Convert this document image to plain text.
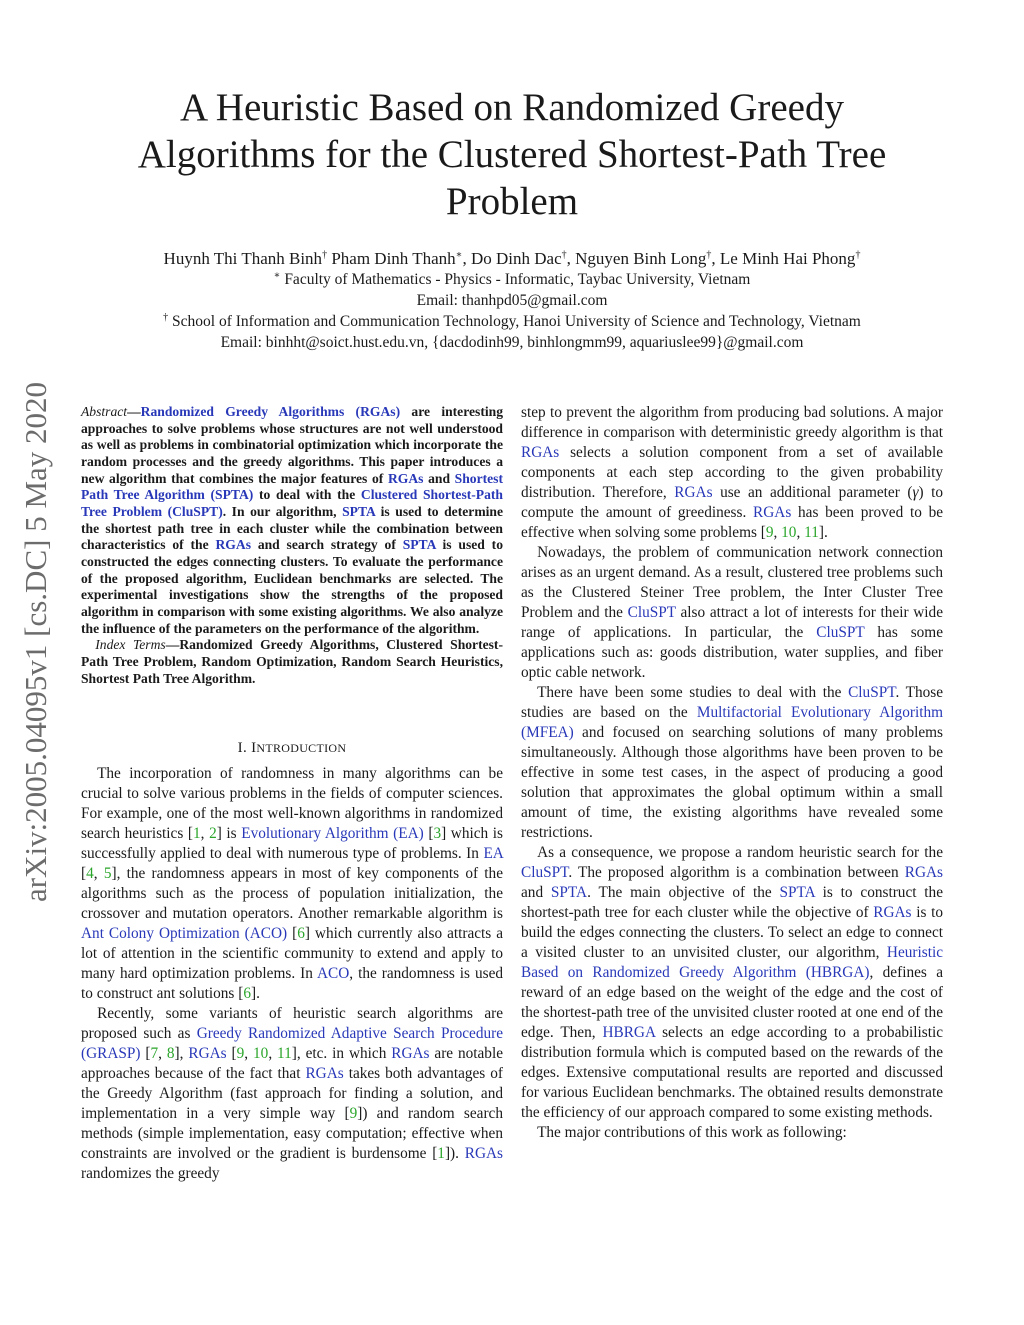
arXiv:2005.04095v1 [cs.DC] 5 May 2020
A Heuristic Based on Randomized Greedy
Algorithms for the Clustered Shortest-Path Tree
Problem
Huynh Thi Thanh Binh† Pham Dinh Thanh∗, Do Dinh Dac†, Nguyen Binh Long†, Le Minh Hai Phong†
∗ Faculty of Mathematics - Physics - Informatic, Taybac University, Vietnam
Email: thanhpd05@gmail.com
† School of Information and Communication Technology, Hanoi University of Science and Technology, Vietnam
Email: binhht@soict.hust.edu.vn, {dacdodinh99, binhlongmm99, aquariuslee99}@gmail.com

Abstract—Randomized Greedy Algorithms (RGAs) are interesting approaches to solve problems whose structures are not well understood as well as problems in combinatorial optimization which incorporate the random processes and the greedy algorithms. This paper introduces a new algorithm that combines the major features of RGAs and Shortest Path Tree Algorithm (SPTA) to deal with the Clustered Shortest-Path Tree Problem (CluSPT). In our algorithm, SPTA is used to determine the shortest path tree in each cluster while the combination between characteristics of the RGAs and search strategy of SPTA is used to constructed the edges connecting clusters. To evaluate the performance of the proposed algorithm, Euclidean benchmarks are selected. The experimental investigations show the strengths of the proposed algorithm in comparison with some existing algorithms. We also analyze the influence of the parameters on the performance of the algorithm.

Index Terms—Randomized Greedy Algorithms, Clustered Shortest-Path Tree Problem, Random Optimization, Random Search Heuristics, Shortest Path Tree Algorithm.

I. INTRODUCTION

The incorporation of randomness in many algorithms can be crucial to solve various problems in the fields of computer sciences. For example, one of the most well-known algorithms in randomized search heuristics [1, 2] is Evolutionary Algorithm (EA) [3] which is successfully applied to deal with numerous type of problems. In EA [4, 5], the randomness appears in most of key components of the algorithms such as the process of population initialization, the crossover and mutation operators. Another remarkable algorithm is Ant Colony Optimization (ACO) [6] which currently also attracts a lot of attention in the scientific community to extend and apply to many hard optimization problems. In ACO, the randomness is used to construct ant solutions [6].

Recently, some variants of heuristic search algorithms are proposed such as Greedy Randomized Adaptive Search Procedure (GRASP) [7, 8], RGAs [9, 10, 11], etc. in which RGAs are notable approaches because of the fact that RGAs takes both advantages of the Greedy Algorithm (fast approach for finding a solution, and implementation in a very simple way [9]) and random search methods (simple implementation, easy computation; effective when constraints are involved or the gradient is burdensome [1]). RGAs randomizes the greedy

step to prevent the algorithm from producing bad solutions. A major difference in comparison with deterministic greedy algorithm is that RGAs selects a solution component from a set of available components at each step according to the given probability distribution. Therefore, RGAs use an additional parameter (γ) to compute the amount of greediness. RGAs has been proved to be effective when solving some problems [9, 10, 11].

Nowadays, the problem of communication network connection arises as an urgent demand. As a result, clustered tree problems such as the Clustered Steiner Tree problem, the Inter Cluster Tree Problem and the CluSPT also attract a lot of interests for their wide range of applications. In particular, the CluSPT has some applications such as: goods distribution, water supplies, and fiber optic cable network.

There have been some studies to deal with the CluSPT. Those studies are based on the Multifactorial Evolutionary Algorithm (MFEA) and focused on searching solutions of many problems simultaneously. Although those algorithms have been proven to be effective in some test cases, in the aspect of producing a good solution that approximates the global optimum within a small amount of time, the existing algorithms have revealed some restrictions.

As a consequence, we propose a random heuristic search for the CluSPT. The proposed algorithm is a combination between RGAs and SPTA. The main objective of the SPTA is to construct the shortest-path tree for each cluster while the objective of RGAs is to build the edges connecting the clusters. To select an edge to connect a visited cluster to an unvisited cluster, our algorithm, Heuristic Based on Randomized Greedy Algorithm (HBRGA), defines a reward of an edge based on the weight of the edge and the cost of the shortest-path tree of the unvisited cluster rooted at one end of the edge. Then, HBRGA selects an edge according to a probabilistic distribution formula which is computed based on the rewards of the edges. Extensive computational results are reported and discussed for various Euclidean benchmarks. The obtained results demonstrate the efficiency of our approach compared to some existing methods.

The major contributions of this work as following:
